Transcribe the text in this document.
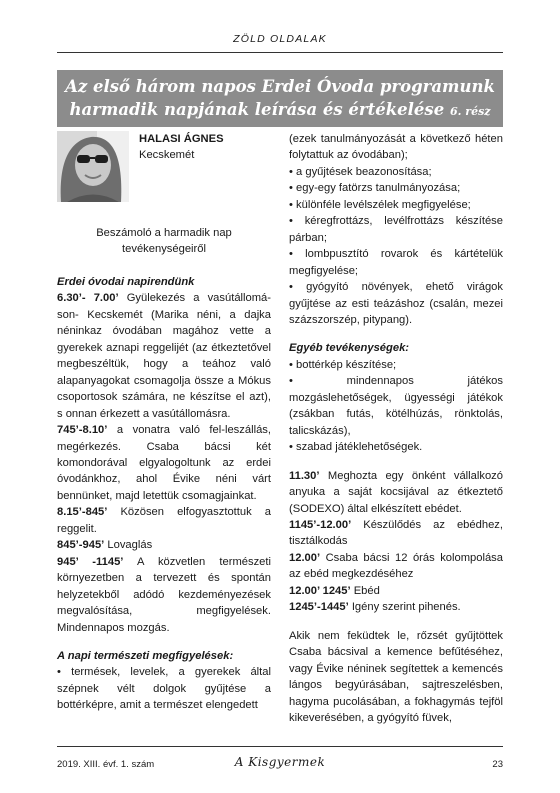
ZÖLD OLDALAK
Az első három napos Erdei Óvoda programunk
harmadik napjának leírása és értékelése 6. rész
HALASI ÁGNES
Kecskemét
Beszámoló a harmadik nap
tevékenységeiről
Erdei óvodai napirendünk

6.30’- 7.00’ Gyülekezés a vasútállomá-son- Kecskemét (Marika néni, a dajka néninkaz óvodában magához vette a gyerekek aznapi reggelijét (az étkeztetővel megbeszéltük, hogy a teához való alapanyagokat csomagolja össze a Mókus csoportosok számára, ne készítse el azt), s onnan érkezett a vasútállomásra.

745’-8.10’ a vonatra való fel-leszállás, megérkezés. Csaba bácsi két komondorával elgyalogoltunk az erdei óvodánkhoz, ahol Évike néni várt bennünket, majd letettük csomagjainkat.

8.15’-845’ Közösen elfogyasztottuk a reggelit.

845’-945’ Lovaglás

945’ -1145’ A közvetlen természeti környezetben a tervezett és spontán helyzetekből adódó kezdeményezések megvalósítása, megfigyelések. Mindennapos mozgás.

A napi természeti megfigyelések:

• termések, levelek, a gyerekek által szépnek vélt dolgok gyűjtése a bottérképre, amit a természet elengedett

(ezek tanulmányozását a következő héten folytattuk az óvodában);

• a gyűjtések beazonosítása;

• egy-egy fatörzs tanulmányozása;

• különféle levélszélek megfigyelése;

• kéregfrottázs, levélfrottázs készítése párban;

• lombpusztító rovarok és kártételük megfigyelése;

• gyógyító növények, ehető virágok gyűjtése az esti teázáshoz (csalán, mezei százszorszép, pitypang).

Egyéb tevékenységek:

• bottérkép készítése;

• mindennapos játékos mozgáslehetőségek, ügyességi játékok (zsákban futás, kötélhúzás, rönktolás, talicskázás),

• szabad játéklehetőségek.

11.30’ Meghozta egy önként vállalkozó anyuka a saját kocsijával az étkeztető (SODEXO) által elkészített ebédet.

1145’-12.00’ Készülődés az ebédhez, tisztálkodás

12.00’ Csaba bácsi 12 órás kolompolása az ebéd megkezdéséhez

12.00’ 1245’ Ebéd

1245’-1445’ Igény szerint pihenés.

Akik nem feküdtek le, rőzsét gyűjtöttek Csaba bácsival a kemence befűtéséhez, vagy Évike néninek segítettek a kemencés lángos begyúrásában, sajtreszelésben, hagyma pucolásában, a fokhagymás tejföl kikeverésében, a gyógyító füvek,

2019. XIII. évf. 1. szám	A Kisgyermek	23
